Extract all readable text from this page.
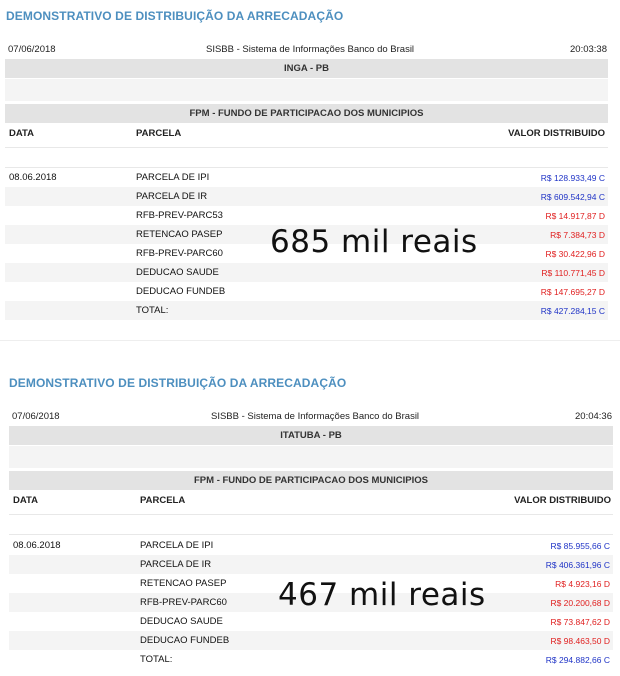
DEMONSTRATIVO DE DISTRIBUIÇÃO DA ARRECADAÇÃO
07/06/2018	SISBB - Sistema de Informações Banco do Brasil	20:03:38
INGA - PB
FPM - FUNDO DE PARTICIPACAO DOS MUNICIPIOS
DATA	PARCELA	VALOR DISTRIBUIDO
08.06.2018	PARCELA DE IPI	R$ 128.933,49 C
PARCELA DE IR	R$ 609.542,94 C
RFB-PREV-PARC53	R$ 14.917,87 D
RETENCAO PASEP	R$ 7.384,73 D
RFB-PREV-PARC60	R$ 30.422,96 D
DEDUCAO SAUDE	R$ 110.771,45 D
DEDUCAO FUNDEB	R$ 147.695,27 D
TOTAL:	R$ 427.284,15 C
685 mil reais
DEMONSTRATIVO DE DISTRIBUIÇÃO DA ARRECADAÇÃO
07/06/2018	SISBB - Sistema de Informações Banco do Brasil	20:04:36
ITATUBA - PB
FPM - FUNDO DE PARTICIPACAO DOS MUNICIPIOS
DATA	PARCELA	VALOR DISTRIBUIDO
08.06.2018	PARCELA DE IPI	R$ 85.955,66 C
PARCELA DE IR	R$ 406.361,96 C
RETENCAO PASEP	R$ 4.923,16 D
RFB-PREV-PARC60	R$ 20.200,68 D
DEDUCAO SAUDE	R$ 73.847,62 D
DEDUCAO FUNDEB	R$ 98.463,50 D
TOTAL:	R$ 294.882,66 C
467 mil reais
